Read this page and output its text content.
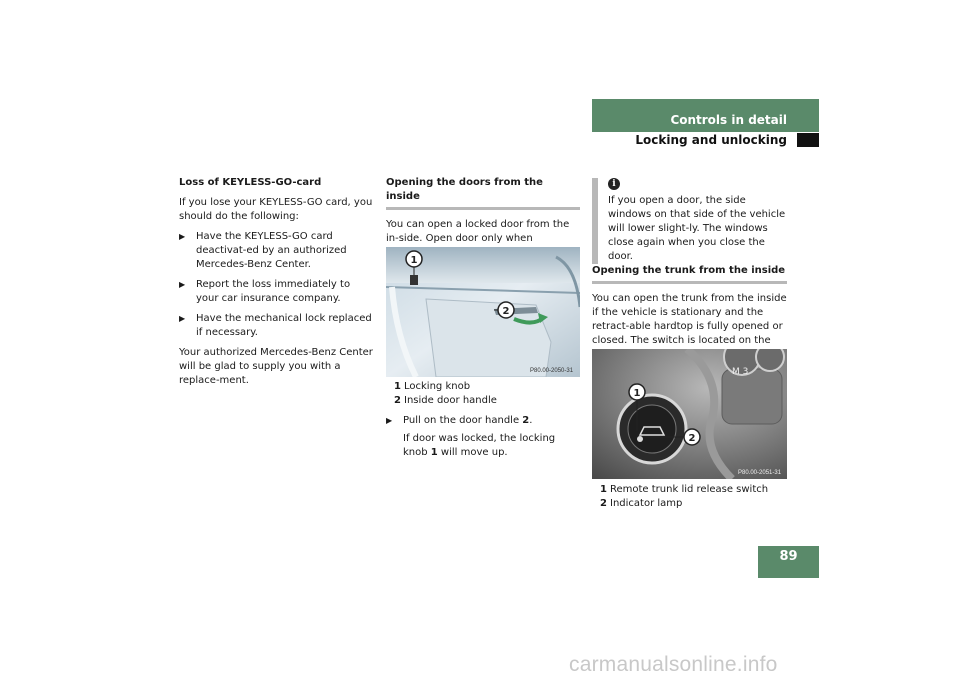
Controls in detail
Locking and unlocking

Loss of KEYLESS-GO-card

If you lose your KEYLESS-GO card, you should do the following:

▶ Have the KEYLESS-GO card deactivat-ed by an authorized Mercedes-Benz Center.
▶ Report the loss immediately to your car insurance company.
▶ Have the mechanical lock replaced if necessary.

Your authorized Mercedes-Benz Center will be glad to supply you with a replace-ment.

Opening the doors from the inside

You can open a locked door from the in-side. Open door only when

1
2
P80.00-2050-31
1 Locking knob
2 Inside door handle
▶ Pull on the door handle 2.
If door was locked, the locking knob 1 will move up.
i
If you open a door, the side windows on that side of the vehicle will lower slight-ly. The windows close again when you close the door.
Opening the trunk from the inside

You can open the trunk from the inside if the vehicle is stationary and the retract-able hardtop is fully opened or closed. The switch is located on the

M 3
1
2
P80.00-2051-31
1 Remote trunk lid release switch
2 Indicator lamp
89
carmanualsonline.info
